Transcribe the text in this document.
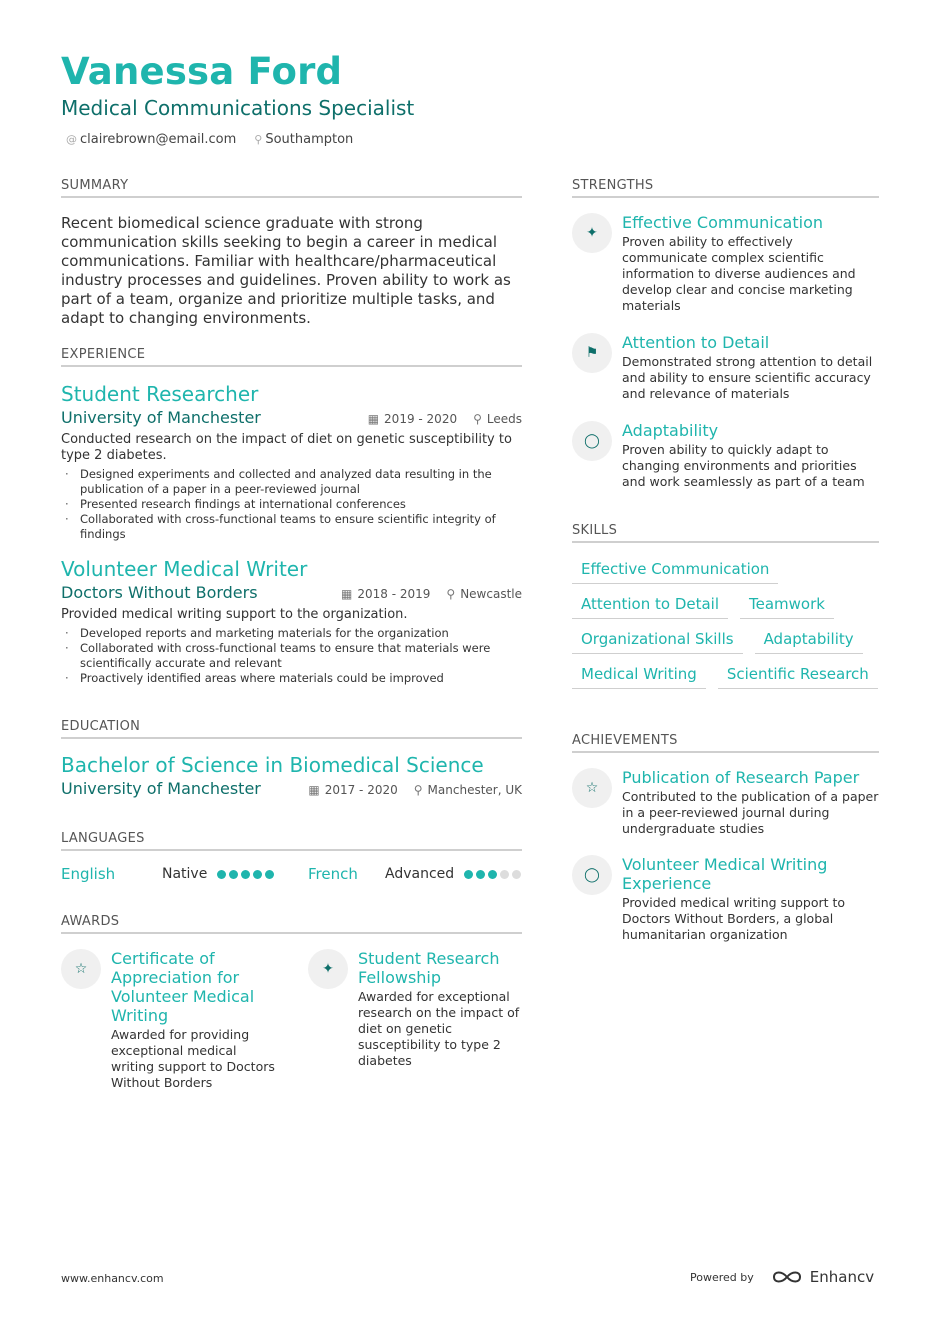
Vanessa Ford
Medical Communications Specialist
@ clairebrown@email.com ⚲ Southampton
SUMMARY
Recent biomedical science graduate with strong communication skills seeking to begin a career in medical communications. Familiar with healthcare/pharmaceutical industry processes and guidelines. Proven ability to work as part of a team, organize and prioritize multiple tasks, and adapt to changing environments.
EXPERIENCE
Student Researcher
University of Manchester	▦ 2019 - 2020 ⚲ Leeds
Conducted research on the impact of diet on genetic susceptibility to type 2 diabetes.
· Designed experiments and collected and analyzed data resulting in the publication of a paper in a peer-reviewed journal
· Presented research findings at international conferences
· Collaborated with cross-functional teams to ensure scientific integrity of findings
Volunteer Medical Writer
Doctors Without Borders	▦ 2018 - 2019 ⚲ Newcastle
Provided medical writing support to the organization.
· Developed reports and marketing materials for the organization
· Collaborated with cross-functional teams to ensure that materials were scientifically accurate and relevant
· Proactively identified areas where materials could be improved
EDUCATION
Bachelor of Science in Biomedical Science
University of Manchester	▦ 2017 - 2020 ⚲ Manchester, UK
LANGUAGES
English	Native	French	Advanced
AWARDS
☆
Certificate of Appreciation for Volunteer Medical Writing
Awarded for providing exceptional medical writing support to Doctors Without Borders
✦
Student Research Fellowship
Awarded for exceptional research on the impact of diet on genetic susceptibility to type 2 diabetes
STRENGTHS
✦
Effective Communication
Proven ability to effectively communicate complex scientific information to diverse audiences and develop clear and concise marketing materials
⚑
Attention to Detail
Demonstrated strong attention to detail and ability to ensure scientific accuracy and relevance of materials
◯
Adaptability
Proven ability to quickly adapt to changing environments and priorities and work seamlessly as part of a team
SKILLS
Effective Communication
Attention to Detail	Teamwork
Organizational Skills	Adaptability
Medical Writing	Scientific Research
ACHIEVEMENTS
☆
Publication of Research Paper
Contributed to the publication of a paper in a peer-reviewed journal during undergraduate studies
◯
Volunteer Medical Writing Experience
Provided medical writing support to Doctors Without Borders, a global humanitarian organization
www.enhancv.com	Powered by	Enhancv
